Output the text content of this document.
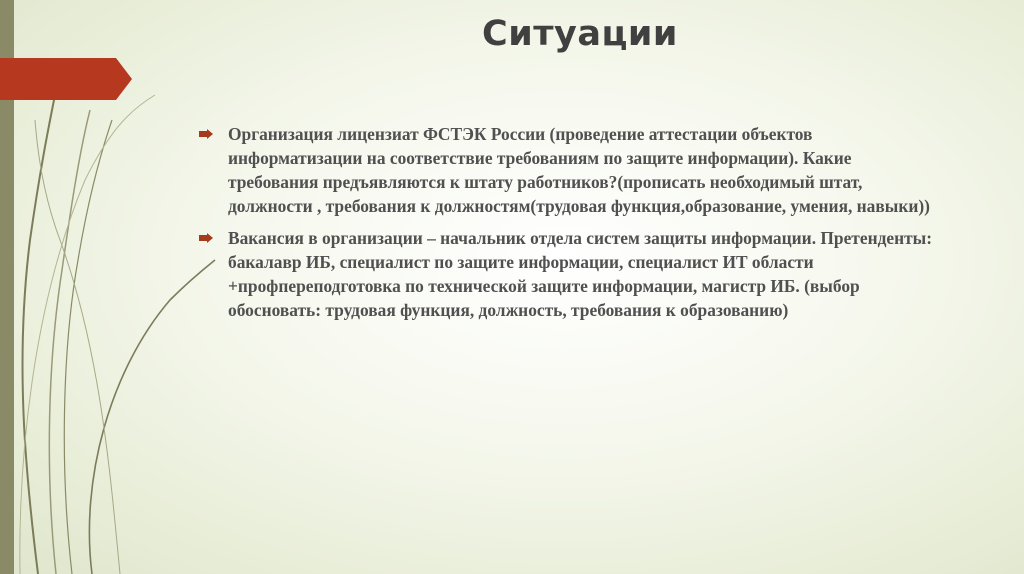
Ситуации
Организация лицензиат ФСТЭК России (проведение аттестации объектов информатизации на соответствие требованиям по защите информации). Какие требования предъявляются к штату работников?(прописать необходимый штат, должности , требования к должностям(трудовая функция,образование, умения, навыки))
Вакансия в организации – начальник отдела систем защиты информации. Претенденты: бакалавр ИБ, специалист по защите информации, специалист ИТ области +профпереподготовка по технической защите информации, магистр ИБ. (выбор обосновать: трудовая функция, должность, требования к образованию)
